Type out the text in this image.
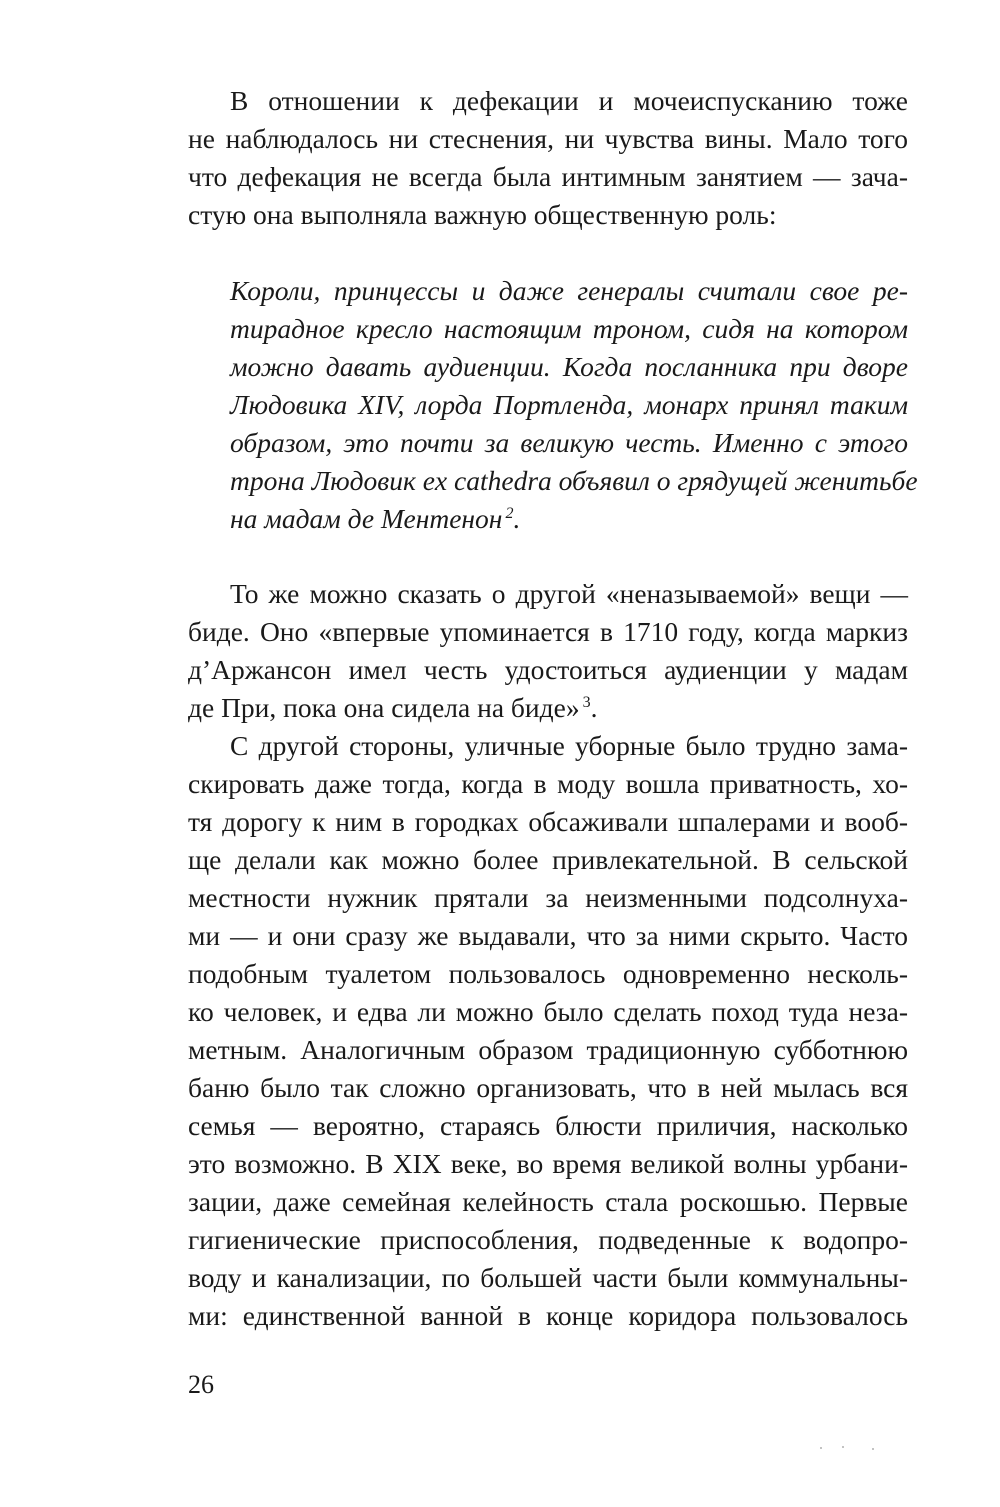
В отношении к дефекации и мочеиспусканию тоже
не наблюдалось ни стеснения, ни чувства вины. Мало того
что дефекация не всегда была интимным занятием — зача-
стую она выполняла важную общественную роль:
Короли, принцессы и даже генералы считали свое ре-
тирадное кресло настоящим троном, сидя на котором
можно давать аудиенции. Когда посланника при дворе
Людовика XIV, лорда Портленда, монарх принял таким
образом, это почти за великую честь. Именно с этого
трона Людовик ex cathedra объявил о грядущей женитьбе
на мадам де Ментенон $^2$.
То же можно сказать о другой «неназываемой» вещи —
биде. Оно «впервые упоминается в 1710 году, когда маркиз
д’Аржансон имел честь удостоиться аудиенции у мадам
де При, пока она сидела на биде» $^3$.
С другой стороны, уличные уборные было трудно зама-
скировать даже тогда, когда в моду вошла приватность, хо-
тя дорогу к ним в городках обсаживали шпалерами и вооб-
ще делали как можно более привлекательной. В сельской
местности нужник прятали за неизменными подсолнуха-
ми — и они сразу же выдавали, что за ними скрыто. Часто
подобным туалетом пользовалось одновременно несколь-
ко человек, и едва ли можно было сделать поход туда неза-
метным. Аналогичным образом традиционную субботнюю
баню было так сложно организовать, что в ней мылась вся
семья — вероятно, стараясь блюсти приличия, насколько
это возможно. В XIX веке, во время великой волны урбани-
зации, даже семейная келейность стала роскошью. Первые
гигиенические приспособления, подведенные к водопро-
воду и канализации, по большей части были коммунальны-
ми: единственной ванной в конце коридора пользовалось
26
